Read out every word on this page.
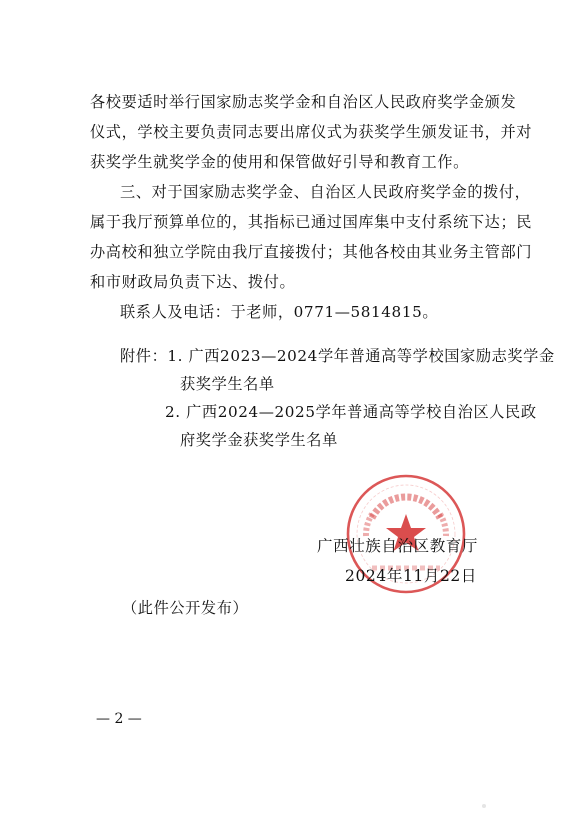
各校要适时举行国家励志奖学金和自治区人民政府奖学金颁发
仪式，学校主要负责同志要出席仪式为获奖学生颁发证书，并对
获奖学生就奖学金的使用和保管做好引导和教育工作。
三、对于国家励志奖学金、自治区人民政府奖学金的拨付，
属于我厅预算单位的，其指标已通过国库集中支付系统下达；民
办高校和独立学院由我厅直接拨付；其他各校由其业务主管部门
和市财政局负责下达、拨付。
联系人及电话：于老师，0771—5814815。
附件：1. 广西2023—2024学年普通高等学校国家励志奖学金
获奖学生名单
2. 广西2024—2025学年普通高等学校自治区人民政
府奖学金获奖学生名单
广西壮族自治区教育厅
2024年11月22日
（此件公开发布）
— 2 —
